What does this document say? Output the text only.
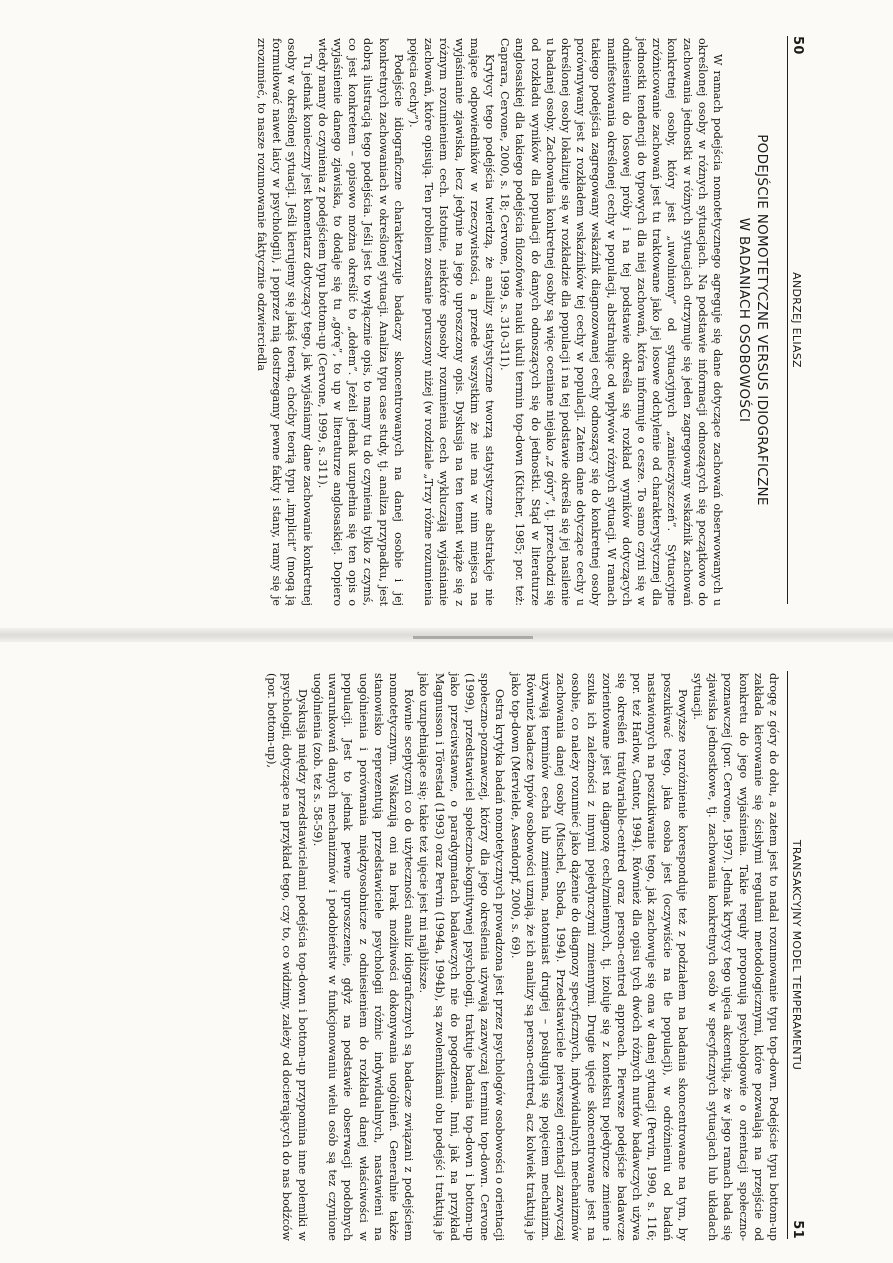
50
ANDRZEJ ELIASZ

PODEJŚCIE NOMOTETYCZNE VERSUS IDIOGRAFICZNE
W BADANIACH OSOBOWOŚCI

W ramach podejścia nomotetycznego agreguje się dane dotyczące zachowań obserwowanych u określonej osoby w różnych sytuacjach. Na podstawie informacji odnoszących się początkowo do zachowania jednostki w różnych sytuacjach otrzymuje się jeden zagregowany wskaźnik zachowań konkretnej osoby, który jest „uwolniony” od sytuacyjnych „zanieczyszczeń”. Sytuacyjne zróżnicowanie zachowań jest tu traktowane jako jej losowe odchylenie od charakterystycznej dla jednostki tendencji do typowych dla niej zachowań, która informuje o cesze. To samo czyni się w odniesieniu do losowej próby i na tej podstawie określa się rozkład wyników dotyczących manifestowania określonej cechy w populacji, abstrahując od wpływów różnych sytuacji. W ramach takiego podejścia zagregowany wskaźnik diagnozowanej cechy odnoszący się do konkretnej osoby porównywany jest z rozkładem wskaźników tej cechy w populacji. Zatem dane dotyczące cechy u określonej osoby lokalizuje się w rozkładzie dla populacji i na tej podstawie określa się jej nasilenie u badanej osoby. Zachowania konkretnej osoby są więc oceniane niejako „z góry”, tj. przechodzi się od rozkładu wyników dla populacji do danych odnoszących się do jednostki. Stąd w literaturze anglosaskiej dla takiego podejścia filozofowie nauki ukuli termin top-down (Kitcher, 1985; por. też: Caprara, Cervone, 2000, s. 18; Cervone, 1999, s. 310-311).

Krytycy tego podejścia twierdzą, że analizy statystyczne tworzą statystyczne abstrakcje nie mające odpowiedników w rzeczywistości, a przede wszystkim że nie ma w nim miejsca na wyjaśnianie zjawiska, lecz jedynie na jego uproszczony opis. Dyskusja na ten temat wiąże się z różnym rozumieniem cech. Istotnie, niektóre sposoby rozumienia cech wykluczają wyjaśnianie zachowań, które opisują. Ten problem zostanie poruszony niżej (w rozdziale „Trzy różne rozumienia pojęcia cechy”).

Podejście idiograficzne charakteryzuje badaczy skoncentrowanych na danej osobie i jej konkretnych zachowaniach w określonej sytuacji. Analiza typu case study, tj. analiza przypadku, jest dobrą ilustracją tego podejścia. Jeśli jest to wyłącznie opis, to mamy tu do czynienia tylko z czymś, co jest konkretem – opisowo można określić to „dołem”. Jeżeli jednak uzupełnia się ten opis o wyjaśnienie danego zjawiska, to dodaje się tu „górę”, to up w literaturze anglosaskiej. Dopiero wtedy mamy do czynienia z podejściem typu bottom-up (Cervone, 1999, s. 311).

Tu jednak konieczny jest komentarz dotyczący tego, jak wyjaśniamy dane zachowanie konkretnej osoby w określonej sytuacji. Jeśli kierujemy się jakąś teorią, choćby teorią typu „implicit” (mogą ją formułować nawet laicy w psychologii), i poprzez nią dostrzegamy pewne fakty i stany, ramy się je zrozumieć, to nasze rozumowanie faktycznie odzwierciedla

TRANSAKCYJNY MODEL TEMPERAMENTU
51

drogę z góry do dołu, a zatem jest to nadal rozumowanie typu top-down. Podejście typu bottom-up zakłada kierowanie się ścisłymi regułami metodologicznymi, które pozwalają na przejście od konkretu do jego wyjaśnienia. Takie reguły proponują psychologowie o orientacji społeczno-poznawczej (por. Cervone, 1997). Jednak krytycy tego ujęcia akcentują, że w jego ramach bada się zjawiska jednostkowe, tj. zachowania konkretnych osób w specyficznych sytuacjach lub układach sytuacji.

Powyższe rozróżnienie koresponduje też z podziałem na badania skoncentrowane na tym, by poszukiwać tego, jaka osoba jest (oczywiście na tle populacji), w odróżnieniu od badań nastawionych na poszukiwanie tego, jak zachowuje się ona w danej sytuacji (Pervin, 1990, s. 116; por. też Harlow, Cantor, 1994). Również dla opisu tych dwóch różnych nurtów badawczych używa się określeń trait/variable-centred oraz person-centred approach. Pierwsze podejście badawcze zorientowane jest na diagnozę cech/zmiennych, tj. izoluje się z kontekstu pojedyncze zmienne i szuka ich zależności z innymi pojedynczymi zmiennymi. Drugie ujęcie skoncentrowane jest na osobie, co należy rozumieć jako dążenie do diagnozy specyficznych, indywidualnych mechanizmów zachowania danej osoby (Mischel, Shoda, 1994). Przedstawiciele pierwszej orientacji zazwyczaj używają terminów cecha lub zmienna, natomiast drugiej – posługują się pojęciem mechanizm. Również badacze typów osobowości uznają, że ich analizy są person-centred, acz kolwiek traktują je jako top-down (Mervielde, Asendorpf, 2000, s. 69).

Ostra krytyka badań nomotetycznych prowadzona jest przez psychologów osobowości o orientacji społeczno-poznawczej, którzy dla jego określenia używają zazwyczaj terminu top-down. Cervone (1999), przedstawiciel społeczno-kognitywnej psychologii, traktuje badania top-down i bottom-up jako przeciwstawne, o paradygmatach badawczych nie do pogodzenia. Inni, jak na przykład Magnusson i Törestad (1993) oraz Pervin (1994a, 1994b), są zwolennikami obu podejść i traktują je jako uzupełniające się; takie też ujęcie jest mi najbliższe.

Równie sceptyczni co do użyteczności analiz idiograficznych są badacze związani z podejściem nomotetycznym. Wskazują oni na brak możliwości dokonywania uogólnień. Generalnie także stanowisko reprezentują przedstawiciele psychologii różnic indywidualnych, nastawieni na uogólnienia i porównania międzyosobnicze z odniesieniem do rozkładu danej właściwości w populacji. Jest to jednak pewne uproszczenie, gdyż na podstawie obserwacji podobnych uwarunkowań danych mechanizmów i podobieństw w funkcjonowaniu wielu osób są tez czynione uogólnienia (zob. też s. 58-59).

Dyskusja między przedstawicielami podejścia top-down i bottom-up przypomina inne polemiki w psychologii, dotyczące na przykład tego, czy to, co widzimy, zależy od docierających do nas bodźców (por. bottom-up),
